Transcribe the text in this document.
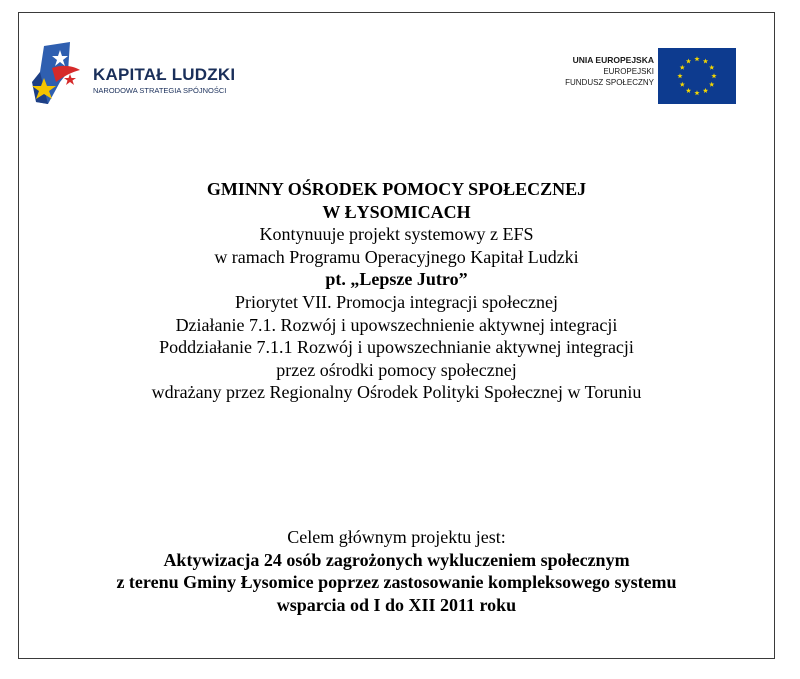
KAPITAŁ LUDZKI
NARODOWA STRATEGIA SPÓJNOŚCI
UNIA EUROPEJSKA
EUROPEJSKI
FUNDUSZ SPOŁECZNY

GMINNY OŚRODEK POMOCY SPOŁECZNEJ

W ŁYSOMICACH

Kontynuuje projekt systemowy z EFS

w ramach Programu Operacyjnego Kapitał Ludzki

pt. „Lepsze Jutro”

Priorytet VII. Promocja integracji społecznej

Działanie 7.1. Rozwój i upowszechnienie aktywnej integracji

Poddziałanie 7.1.1 Rozwój i upowszechnianie aktywnej integracji

przez ośrodki pomocy społecznej

wdrażany przez Regionalny Ośrodek Polityki Społecznej w Toruniu

Celem głównym projektu jest:

Aktywizacja 24 osób zagrożonych wykluczeniem społecznym

z terenu Gminy Łysomice poprzez zastosowanie kompleksowego systemu

wsparcia od I do XII 2011 roku
